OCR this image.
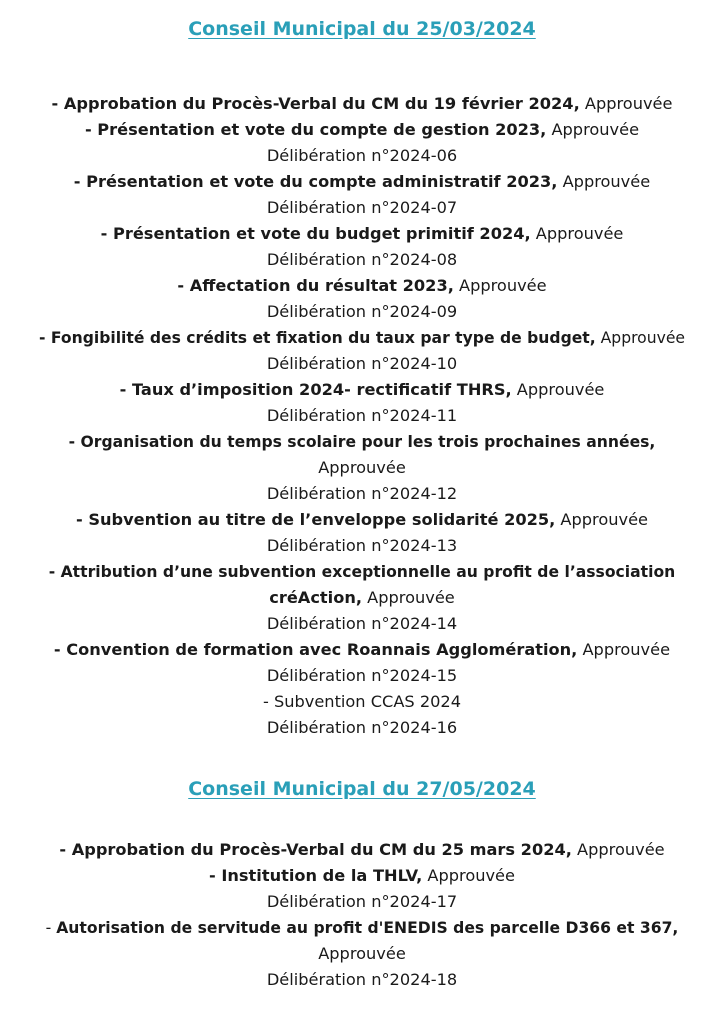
Conseil Municipal du 25/03/2024
- Approbation du Procès-Verbal du CM du 19 février 2024, Approuvée
- Présentation et vote du compte de gestion 2023, Approuvée
Délibération n°2024-06
- Présentation et vote du compte administratif 2023, Approuvée
Délibération n°2024-07
- Présentation et vote du budget primitif 2024, Approuvée
Délibération n°2024-08
- Affectation du résultat 2023, Approuvée
Délibération n°2024-09
- Fongibilité des crédits et fixation du taux par type de budget, Approuvée
Délibération n°2024-10
- Taux d’imposition 2024- rectificatif THRS, Approuvée
Délibération n°2024-11
- Organisation du temps scolaire pour les trois prochaines années,
Approuvée
Délibération n°2024-12
- Subvention au titre de l’enveloppe solidarité 2025, Approuvée
Délibération n°2024-13
- Attribution d’une subvention exceptionnelle au profit de l’association
créAction, Approuvée
Délibération n°2024-14
- Convention de formation avec Roannais Agglomération, Approuvée
Délibération n°2024-15
- Subvention CCAS 2024
Délibération n°2024-16
Conseil Municipal du 27/05/2024
- Approbation du Procès-Verbal du CM du 25 mars 2024, Approuvée
- Institution de la THLV, Approuvée
Délibération n°2024-17
- Autorisation de servitude au profit d'ENEDIS des parcelle D366 et 367,
Approuvée
Délibération n°2024-18
